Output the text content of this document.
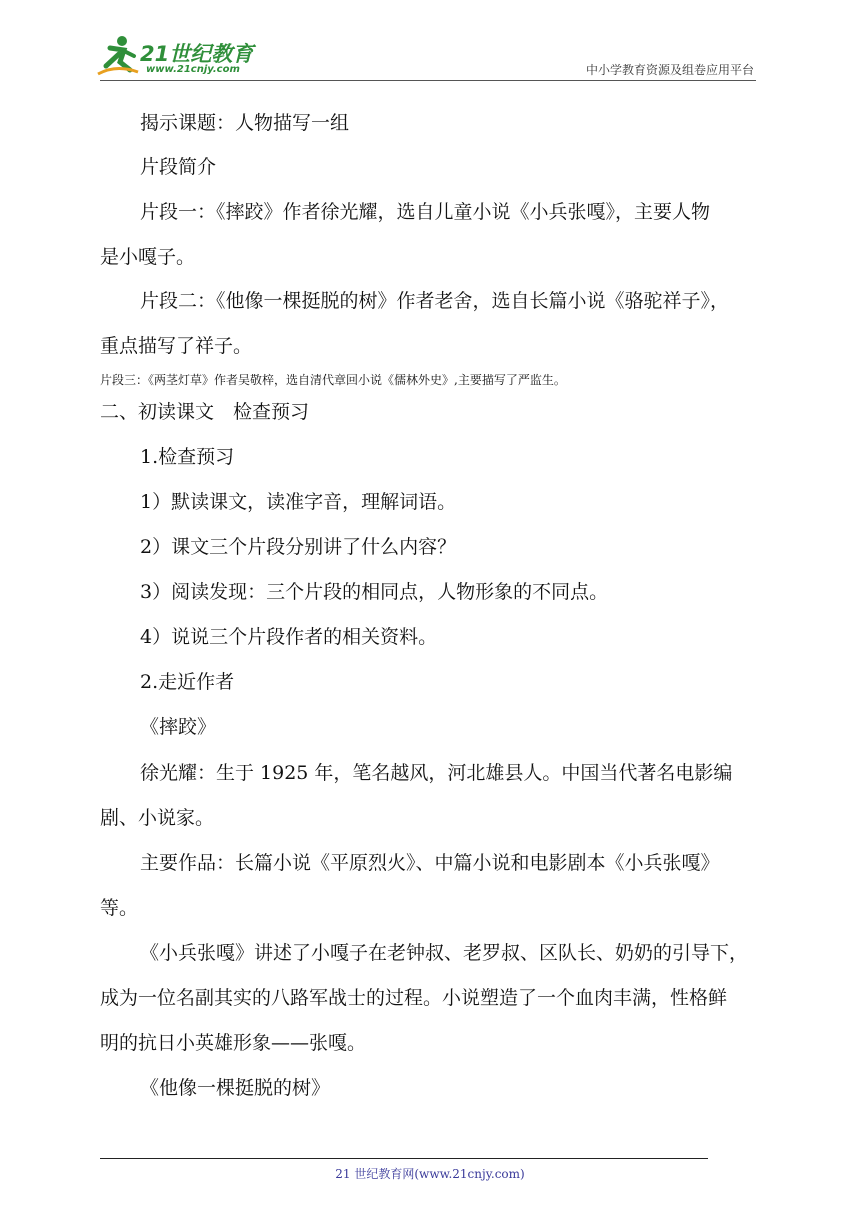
21世纪教育
www.21cnjy.com	中小学教育资源及组卷应用平台
揭示课题：人物描写一组
片段简介
片段一：《摔跤》作者徐光耀，选自儿童小说《小兵张嘎》，主要人物
是小嘎子。
片段二：《他像一棵挺脱的树》作者老舍，选自长篇小说《骆驼祥子》，
重点描写了祥子。
片段三：《两茎灯草》作者吴敬梓，选自清代章回小说《儒林外史》,主要描写了严监生。
二、初读课文　检查预习
1.检查预习
1）默读课文，读准字音，理解词语。
2）课文三个片段分别讲了什么内容？
3）阅读发现：三个片段的相同点，人物形象的不同点。
4）说说三个片段作者的相关资料。
2.走近作者
《摔跤》
徐光耀：生于 1925 年，笔名越风，河北雄县人。中国当代著名电影编
剧、小说家。
主要作品：长篇小说《平原烈火》、中篇小说和电影剧本《小兵张嘎》
等。
《小兵张嘎》讲述了小嘎子在老钟叔、老罗叔、区队长、奶奶的引导下，
成为一位名副其实的八路军战士的过程。小说塑造了一个血肉丰满，性格鲜
明的抗日小英雄形象——张嘎。
《他像一棵挺脱的树》
21 世纪教育网(www.21cnjy.com)
